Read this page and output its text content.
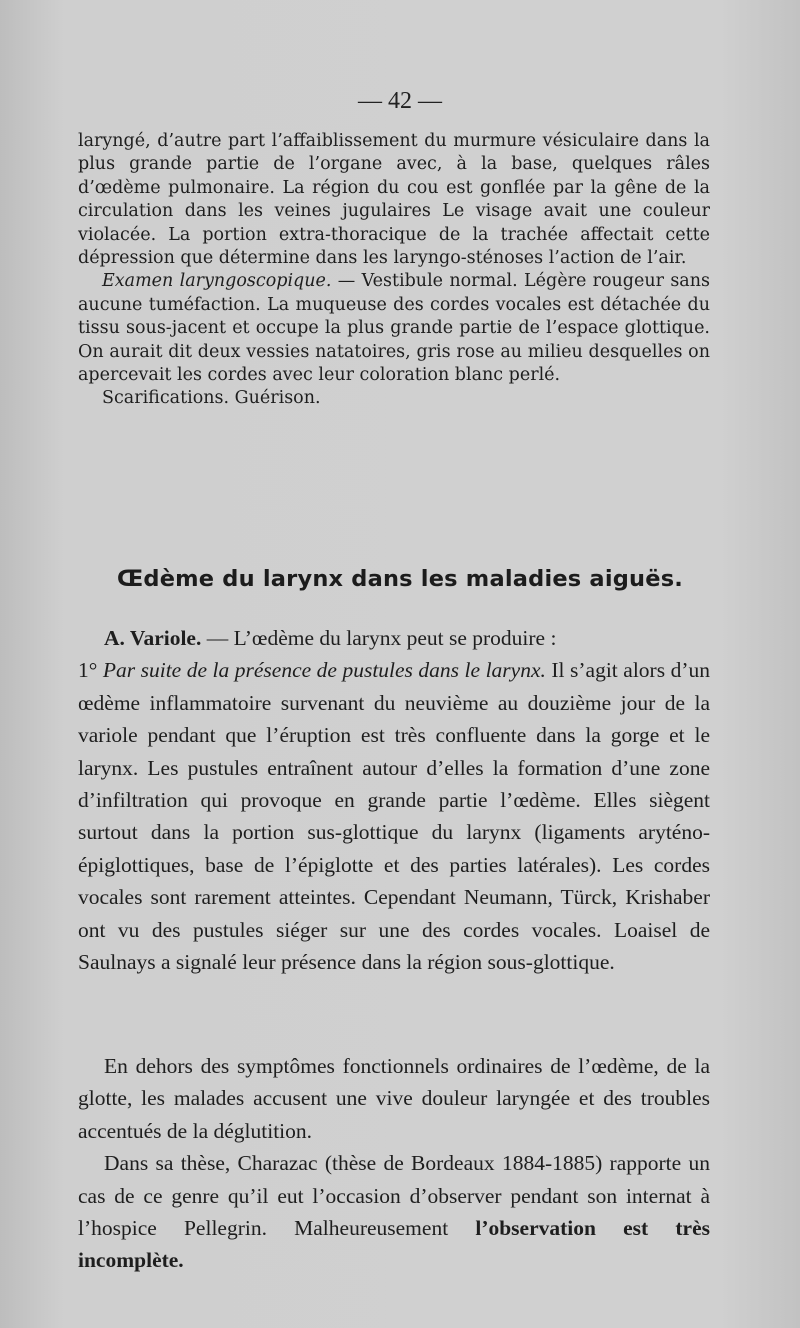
— 42 —

laryngé, d’autre part l’affaiblissement du murmure vésiculaire dans la plus grande partie de l’organe avec, à la base, quelques râles d’œdème pulmonaire. La région du cou est gonflée par la gêne de la circulation dans les veines jugulaires Le visage avait une couleur violacée. La portion extra-thoracique de la trachée affectait cette dépression que détermine dans les laryngo-sténoses l’action de l’air.

Examen laryngoscopique. — Vestibule normal. Légère rougeur sans aucune tuméfaction. La muqueuse des cordes vocales est détachée du tissu sous-jacent et occupe la plus grande partie de l’espace glottique. On aurait dit deux vessies natatoires, gris rose au milieu desquelles on apercevait les cordes avec leur coloration blanc perlé.

Scarifications. Guérison.

Œdème du larynx dans les maladies aiguës.

A. Variole. — L’œdème du larynx peut se produire :
1° Par suite de la présence de pustules dans le larynx. Il s’agit alors d’un œdème inflammatoire survenant du neuvième au douzième jour de la variole pendant que l’éruption est très confluente dans la gorge et le larynx. Les pustules entraînent autour d’elles la formation d’une zone d’infiltration qui provoque en grande partie l’œdème. Elles siègent surtout dans la portion sus-glottique du larynx (ligaments aryténo-épiglottiques, base de l’épiglotte et des parties latérales). Les cordes vocales sont rarement atteintes. Cependant Neumann, Türck, Krishaber ont vu des pustules siéger sur une des cordes vocales. Loaisel de Saulnays a signalé leur présence dans la région sous-glottique.

En dehors des symptômes fonctionnels ordinaires de l’œdème, de la glotte, les malades accusent une vive douleur laryngée et des troubles accentués de la déglutition.

Dans sa thèse, Charazac (thèse de Bordeaux 1884-1885) rapporte un cas de ce genre qu’il eut l’occasion d’observer pendant son internat à l’hospice Pellegrin. Malheureusement l’observation est très incomplète.
